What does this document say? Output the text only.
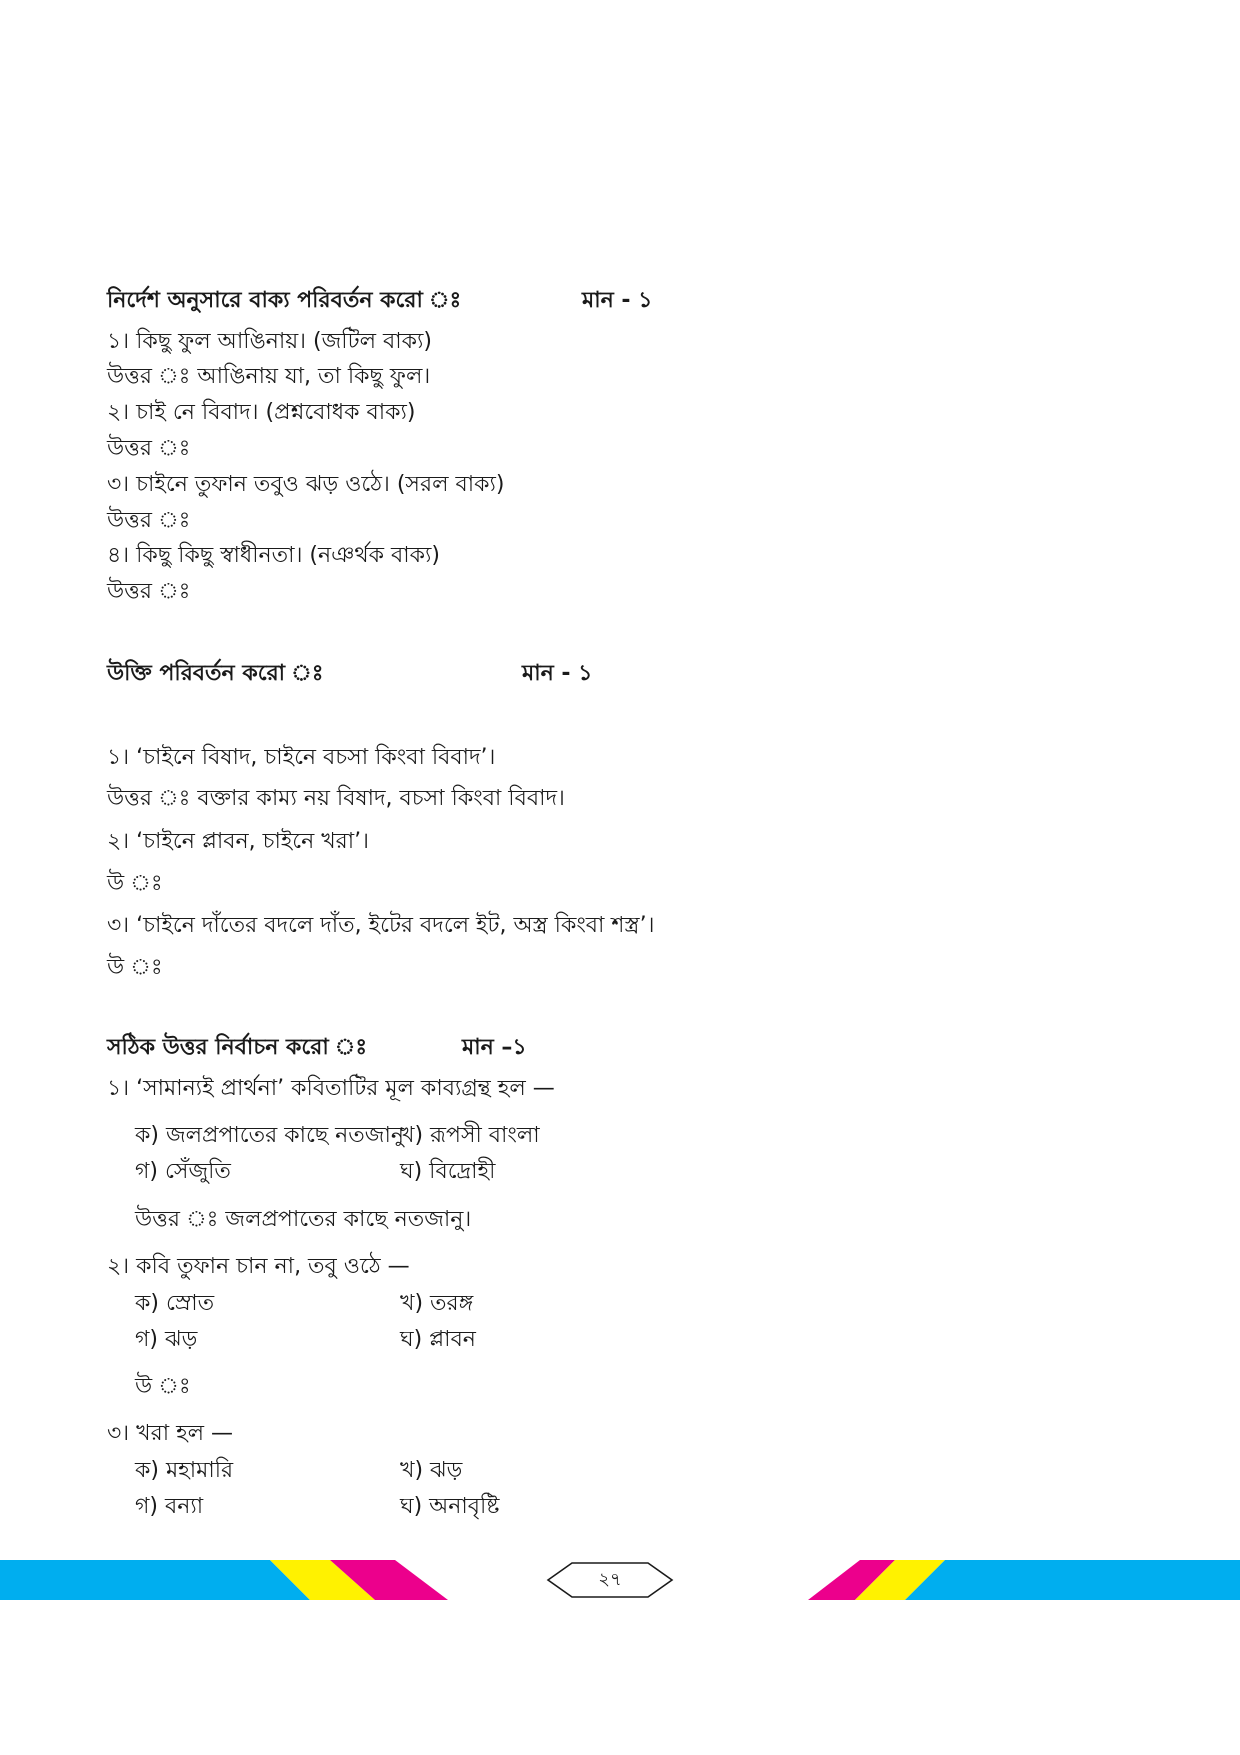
নির্দেশ অনুসারে বাক্য পরিবর্তন করো ঃ	মান - ১
১। কিছু ফুল আঙিনায়। (জটিল বাক্য)
উত্তর ঃ আঙিনায় যা, তা কিছু ফুল।
২। চাই নে বিবাদ। (প্রশ্নবোধক বাক্য)
উত্তর ঃ
৩। চাইনে তুফান তবুও ঝড় ওঠে। (সরল বাক্য)
উত্তর ঃ
৪। কিছু কিছু স্বাধীনতা। (নঞর্থক বাক্য)
উত্তর ঃ
উক্তি পরিবর্তন করো ঃ	মান - ১
১। ‘চাইনে বিষাদ, চাইনে বচসা কিংবা বিবাদ’।
উত্তর ঃ বক্তার কাম্য নয় বিষাদ, বচসা কিংবা বিবাদ।
২। ‘চাইনে প্লাবন, চাইনে খরা’।
উ ঃ
৩। ‘চাইনে দাঁতের বদলে দাঁত, ইটের বদলে ইট, অস্ত্র কিংবা শস্ত্র’।
উ ঃ
সঠিক উত্তর নির্বাচন করো ঃ	মান –১
১। ‘সামান্যই প্রার্থনা’ কবিতাটির মূল কাব্যগ্রন্থ হল —
ক) জলপ্রপাতের কাছে নতজানু
খ) রূপসী বাংলা
গ) সেঁজুতি	ঘ) বিদ্রোহী
উত্তর ঃ জলপ্রপাতের কাছে নতজানু।
২। কবি তুফান চান না, তবু ওঠে —
ক) স্রোত	খ) তরঙ্গ
গ) ঝড়	ঘ) প্লাবন
উ ঃ
৩। খরা হল —
ক) মহামারি	খ) ঝড়
গ) বন্যা	ঘ) অনাবৃষ্টি
২৭
